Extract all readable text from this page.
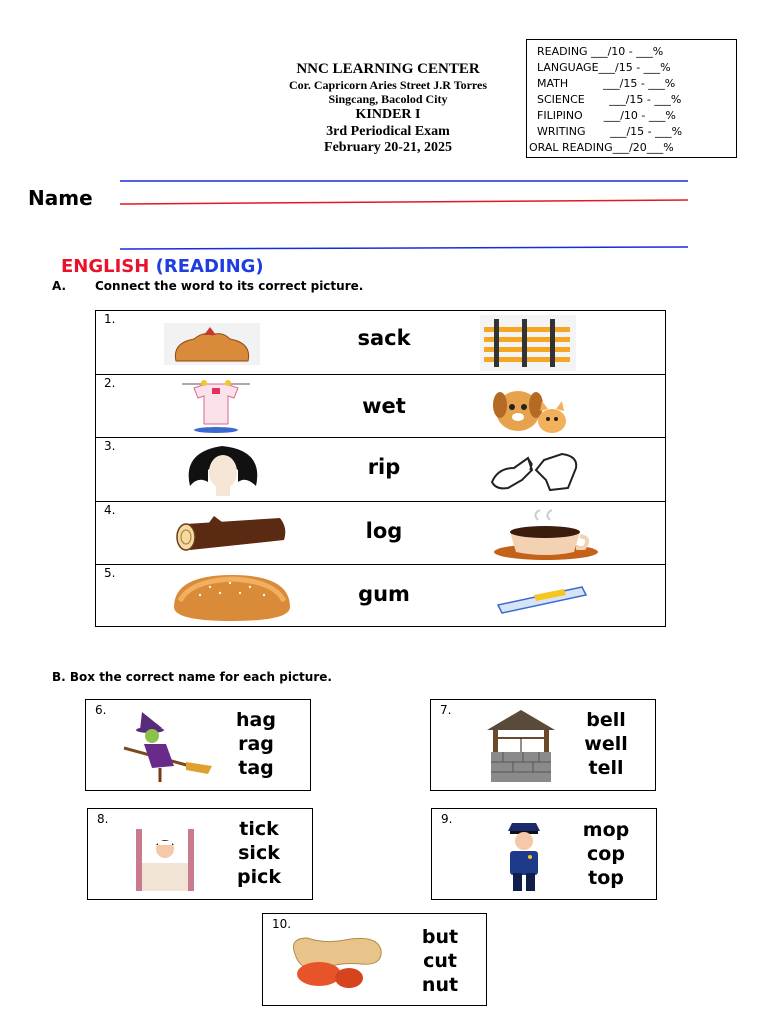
NNC LEARNING CENTER
Cor. Capricorn Aries Street J.R Torres
Singcang, Bacolod City
KINDER I
3rd Periodical Exam
February 20-21, 2025
READING ___/10 - ___%
LANGUAGE___/15 - ___%
MATH          ___/15 - ___%
SCIENCE       ___/15 - ___%
FILIPINO      ___/10 - ___%
WRITING       ___/15 - ___%
ORAL READING___/20___%
Name
ENGLISH (READING)
A. Connect the word to its correct picture.
1.
sack
2.
wet
3.
rip
4.
log
5.
gum
B. Box the correct name for each picture.
6.	hag
rag
tag
7.	bell
well
tell
8.	tick
sick
pick
9.	mop
cop
top
10.
but
cut
nut
